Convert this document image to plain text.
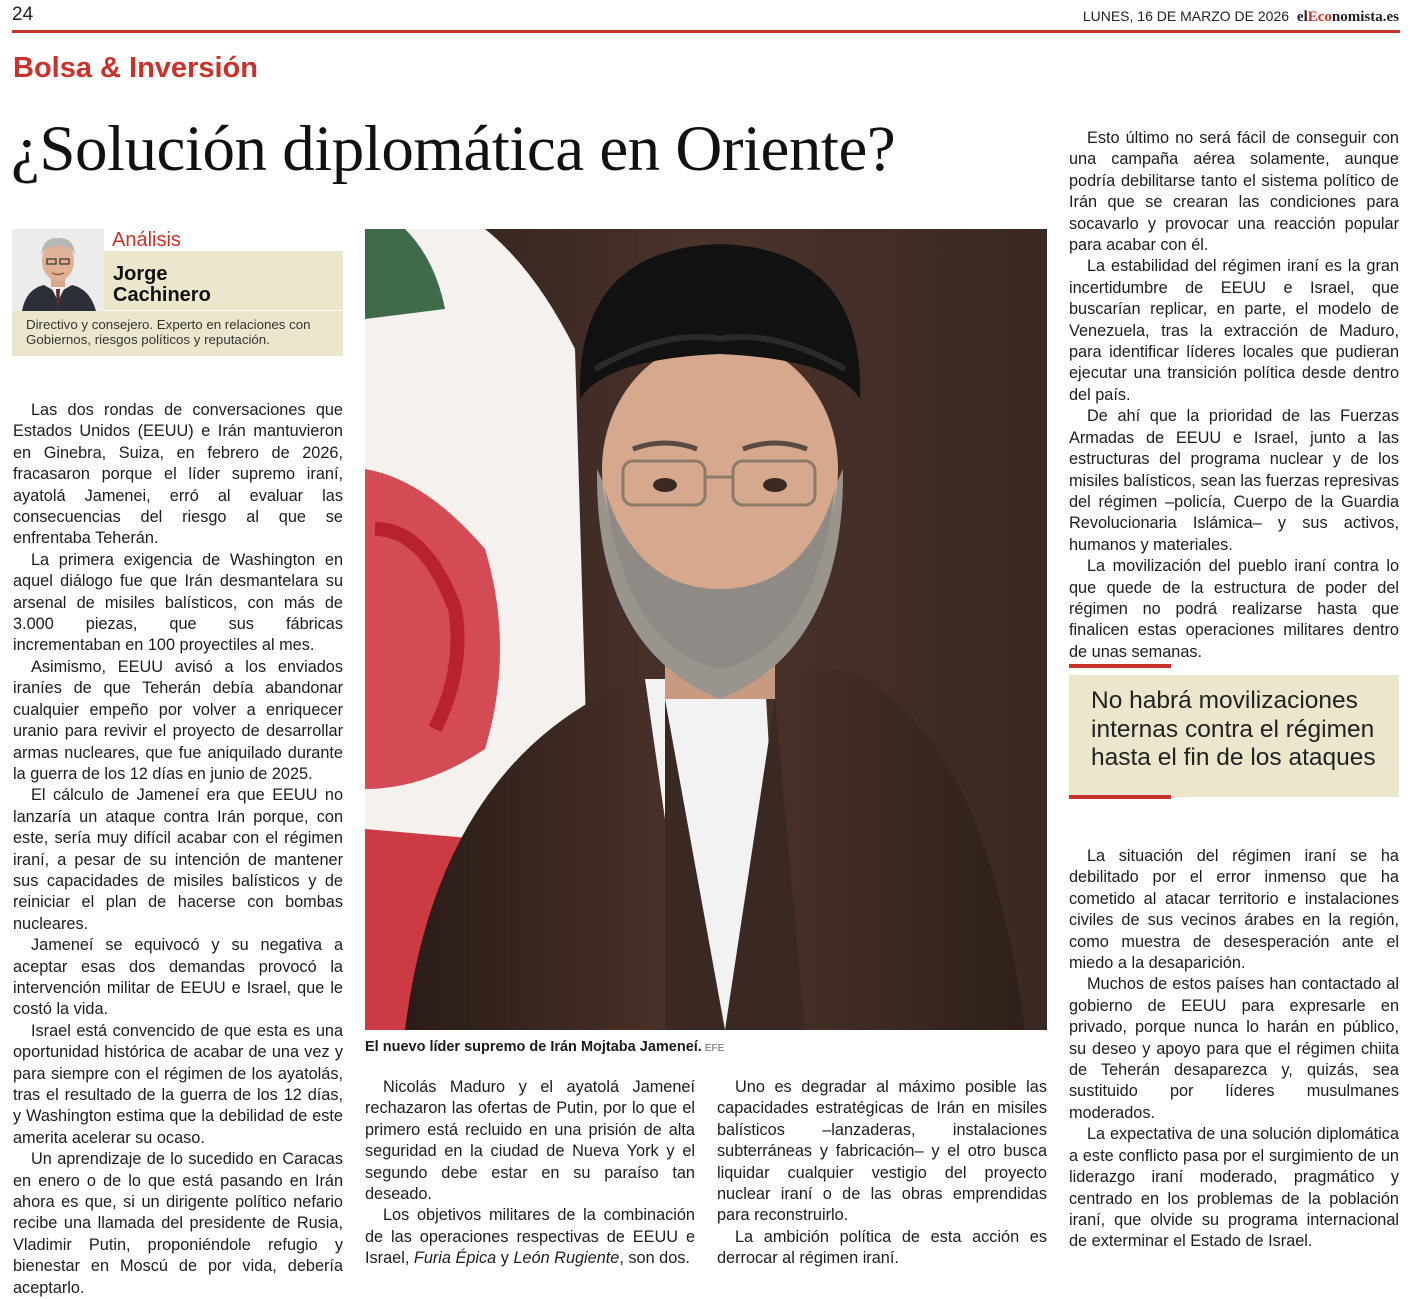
24	LUNES, 16 DE MARZO DE 2026 elEconomista.es
Bolsa & Inversión
¿Solución diplomática en Oriente?
Análisis
Jorge
Cachinero
Directivo y consejero. Experto en relaciones con Gobiernos, riesgos políticos y reputación.

Las dos rondas de conversaciones que Estados Unidos (EEUU) e Irán mantuvieron en Ginebra, Suiza, en febrero de 2026, fracasaron porque el líder supremo iraní, ayatolá Jamenei, erró al evaluar las consecuencias del riesgo al que se enfrentaba Teherán.

La primera exigencia de Washington en aquel diálogo fue que Irán desmantelara su arsenal de misiles balísticos, con más de 3.000 piezas, que sus fábricas incrementaban en 100 proyectiles al mes.

Asimismo, EEUU avisó a los enviados iraníes de que Teherán debía abandonar cualquier empeño por volver a enriquecer uranio para revivir el proyecto de desarrollar armas nucleares, que fue aniquilado durante la guerra de los 12 días en junio de 2025.

El cálculo de Jameneí era que EEUU no lanzaría un ataque contra Irán porque, con este, sería muy difícil acabar con el régimen iraní, a pesar de su intención de mantener sus capacidades de misiles balísticos y de reiniciar el plan de hacerse con bombas nucleares.

Jameneí se equivocó y su negativa a aceptar esas dos demandas provocó la intervención militar de EEUU e Israel, que le costó la vida.

Israel está convencido de que esta es una oportunidad histórica de acabar de una vez y para siempre con el régimen de los ayatolás, tras el resultado de la guerra de los 12 días, y Washington estima que la debilidad de este amerita acelerar su ocaso.

Un aprendizaje de lo sucedido en Caracas en enero o de lo que está pasando en Irán ahora es que, si un dirigente político nefario recibe una llamada del presidente de Rusia, Vladimir Putin, proponiéndole refugio y bienestar en Moscú de por vida, debería aceptarlo.

El nuevo líder supremo de Irán Mojtaba Jameneí. EFE

Nicolás Maduro y el ayatolá Jameneí rechazaron las ofertas de Putin, por lo que el primero está recluido en una prisión de alta seguridad en la ciudad de Nueva York y el segundo debe estar en su paraíso tan deseado.

Los objetivos militares de la combinación de las operaciones respectivas de EEUU e Israel, Furia Épica y León Rugiente, son dos.

Uno es degradar al máximo posible las capacidades estratégicas de Irán en misiles balísticos –lanzaderas, instalaciones subterráneas y fabricación– y el otro busca liquidar cualquier vestigio del proyecto nuclear iraní o de las obras emprendidas para reconstruirlo.

La ambición política de esta acción es derrocar al régimen iraní.

Esto último no será fácil de conseguir con una campaña aérea solamente, aunque podría debilitarse tanto el sistema político de Irán que se crearan las condiciones para socavarlo y provocar una reacción popular para acabar con él.

La estabilidad del régimen iraní es la gran incertidumbre de EEUU e Israel, que buscarían replicar, en parte, el modelo de Venezuela, tras la extracción de Maduro, para identificar líderes locales que pudieran ejecutar una transición política desde dentro del país.

De ahí que la prioridad de las Fuerzas Armadas de EEUU e Israel, junto a las estructuras del programa nuclear y de los misiles balísticos, sean las fuerzas represivas del régimen –policía, Cuerpo de la Guardia Revolucionaria Islámica– y sus activos, humanos y materiales.

La movilización del pueblo iraní contra lo que quede de la estructura de poder del régimen no podrá realizarse hasta que finalicen estas operaciones militares dentro de unas semanas.

No habrá movilizaciones internas contra el régimen hasta el fin de los ataques

La situación del régimen iraní se ha debilitado por el error inmenso que ha cometido al atacar territorio e instalaciones civiles de sus vecinos árabes en la región, como muestra de desesperación ante el miedo a la desaparición.

Muchos de estos países han contactado al gobierno de EEUU para expresarle en privado, porque nunca lo harán en público, su deseo y apoyo para que el régimen chiita de Teherán desaparezca y, quizás, sea sustituido por líderes musulmanes moderados.

La expectativa de una solución diplomática a este conflicto pasa por el surgimiento de un liderazgo iraní moderado, pragmático y centrado en los problemas de la población iraní, que olvide su programa internacional de exterminar el Estado de Israel.
